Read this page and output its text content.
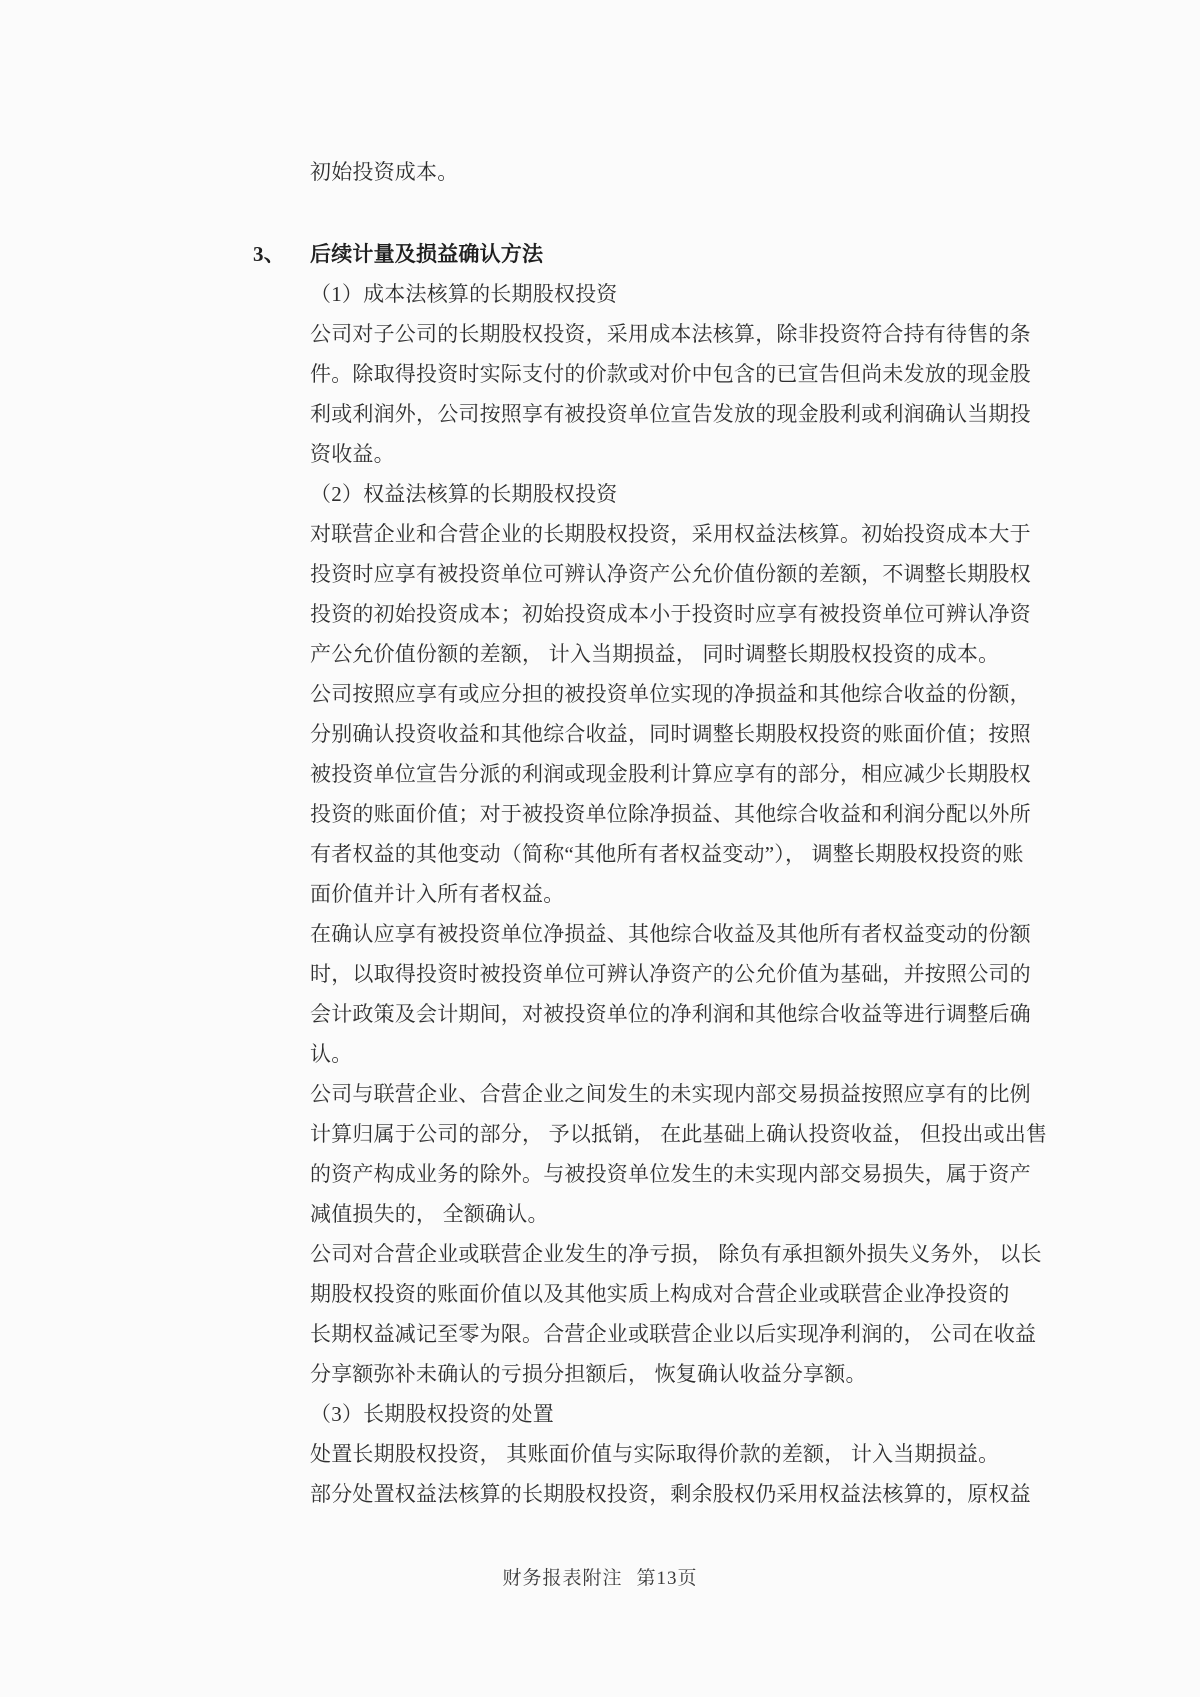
初始投资成本。
3、	后续计量及损益确认方法
（1）成本法核算的长期股权投资
公司对子公司的长期股权投资，采用成本法核算，除非投资符合持有待售的条
件。除取得投资时实际支付的价款或对价中包含的已宣告但尚未发放的现金股
利或利润外，公司按照享有被投资单位宣告发放的现金股利或利润确认当期投
资收益。
（2）权益法核算的长期股权投资
对联营企业和合营企业的长期股权投资，采用权益法核算。初始投资成本大于
投资时应享有被投资单位可辨认净资产公允价值份额的差额，不调整长期股权
投资的初始投资成本；初始投资成本小于投资时应享有被投资单位可辨认净资
产公允价值份额的差额， 计入当期损益， 同时调整长期股权投资的成本。
公司按照应享有或应分担的被投资单位实现的净损益和其他综合收益的份额，
分别确认投资收益和其他综合收益，同时调整长期股权投资的账面价值；按照
被投资单位宣告分派的利润或现金股利计算应享有的部分，相应减少长期股权
投资的账面价值；对于被投资单位除净损益、其他综合收益和利润分配以外所
有者权益的其他变动（简称“其他所有者权益变动”）， 调整长期股权投资的账
面价值并计入所有者权益。
在确认应享有被投资单位净损益、其他综合收益及其他所有者权益变动的份额
时，以取得投资时被投资单位可辨认净资产的公允价值为基础，并按照公司的
会计政策及会计期间，对被投资单位的净利润和其他综合收益等进行调整后确
认。
公司与联营企业、合营企业之间发生的未实现内部交易损益按照应享有的比例
计算归属于公司的部分， 予以抵销， 在此基础上确认投资收益， 但投出或出售
的资产构成业务的除外。与被投资单位发生的未实现内部交易损失，属于资产
减值损失的， 全额确认。
公司对合营企业或联营企业发生的净亏损， 除负有承担额外损失义务外， 以长
期股权投资的账面价值以及其他实质上构成对合营企业或联营企业净投资的
长期权益减记至零为限。合营企业或联营企业以后实现净利润的， 公司在收益
分享额弥补未确认的亏损分担额后， 恢复确认收益分享额。
（3）长期股权投资的处置
处置长期股权投资， 其账面价值与实际取得价款的差额， 计入当期损益。
部分处置权益法核算的长期股权投资，剩余股权仍采用权益法核算的，原权益
财务报表附注 第13页
